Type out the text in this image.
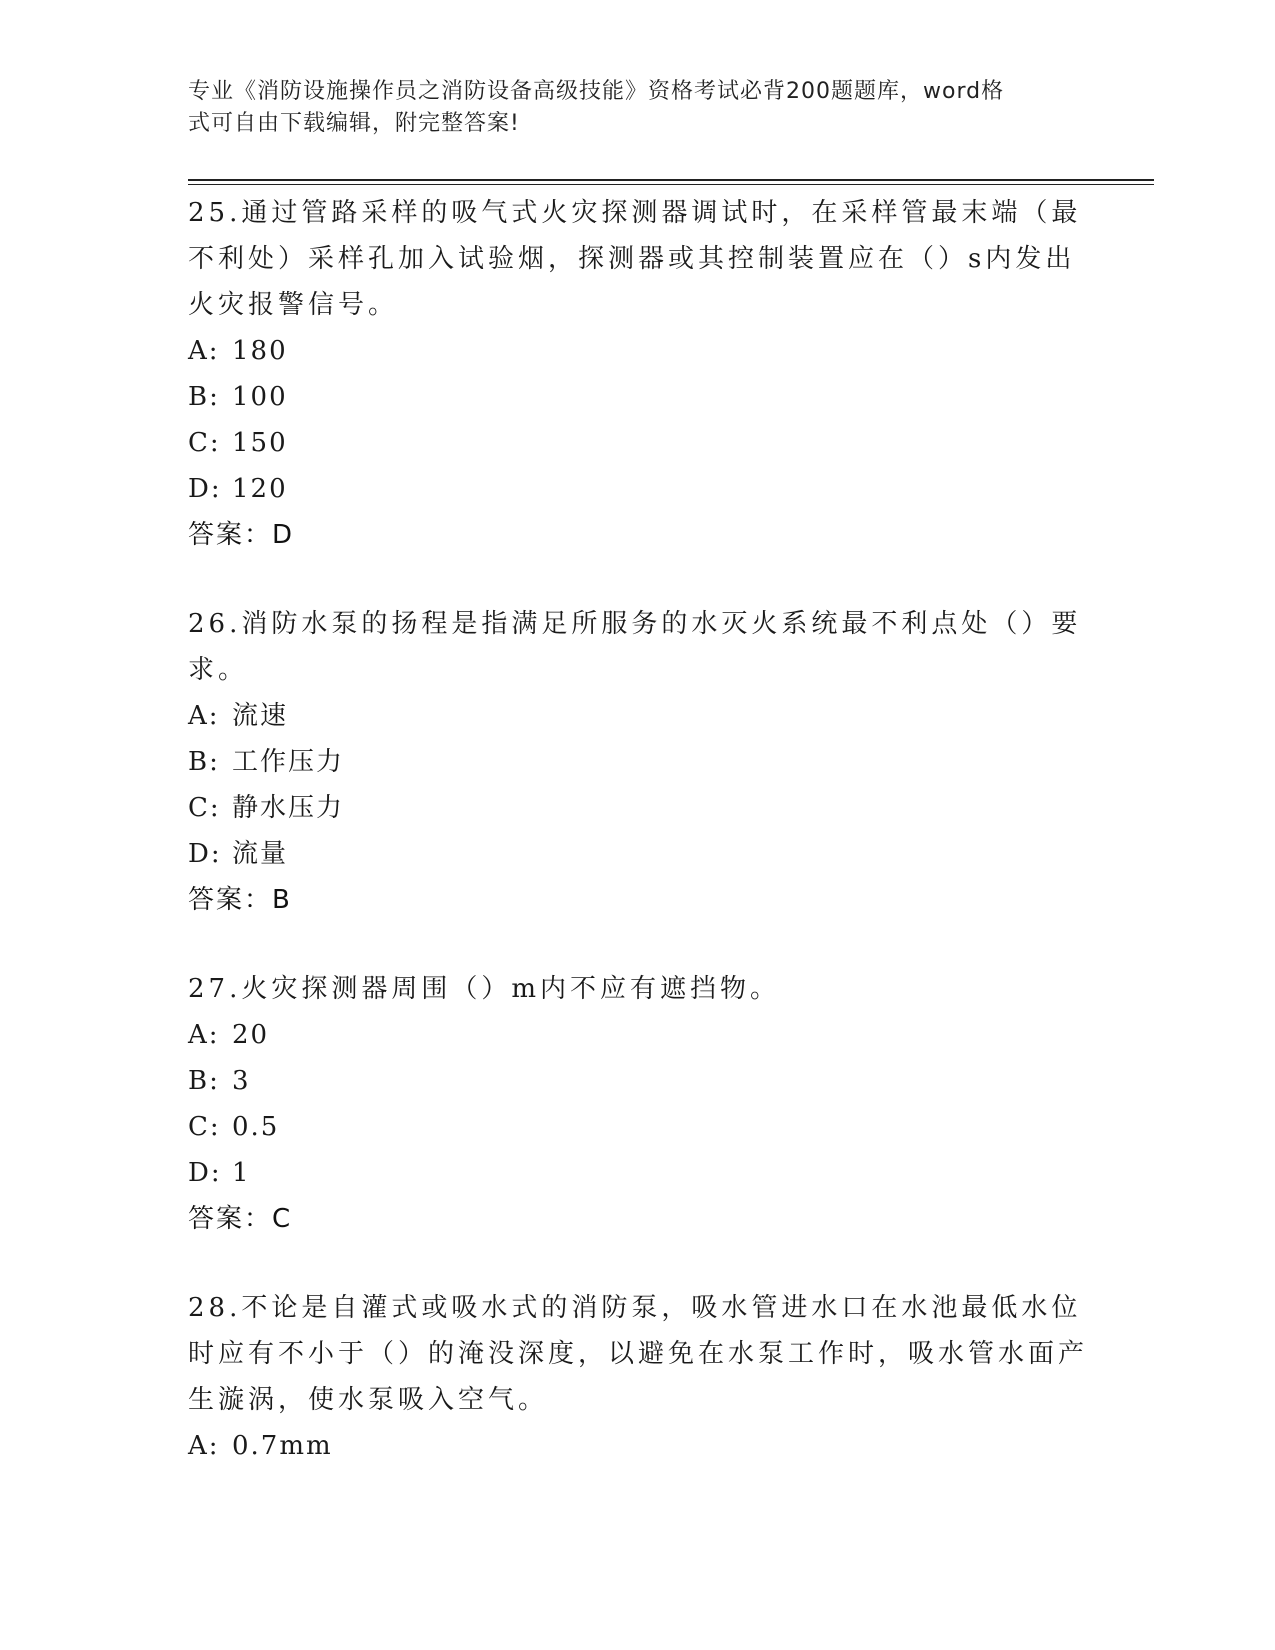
专业《消防设施操作员之消防设备高级技能》资格考试必背200题题库，word格
式可自由下载编辑，附完整答案!

25.通过管路采样的吸气式火灾探测器调试时，在采样管最末端（最不利处）采样孔加入试验烟，探测器或其控制装置应在（）s内发出火灾报警信号。

A: 180

B: 100

C: 150

D: 120

答案：D

26.消防水泵的扬程是指满足所服务的水灭火系统最不利点处（）要求。

A: 流速

B: 工作压力

C: 静水压力

D: 流量

答案：B

27.火灾探测器周围（）m内不应有遮挡物。

A: 20

B: 3

C: 0.5

D: 1

答案：C

28.不论是自灌式或吸水式的消防泵，吸水管进水口在水池最低水位时应有不小于（）的淹没深度，以避免在水泵工作时，吸水管水面产生漩涡，使水泵吸入空气。

A: 0.7mm
